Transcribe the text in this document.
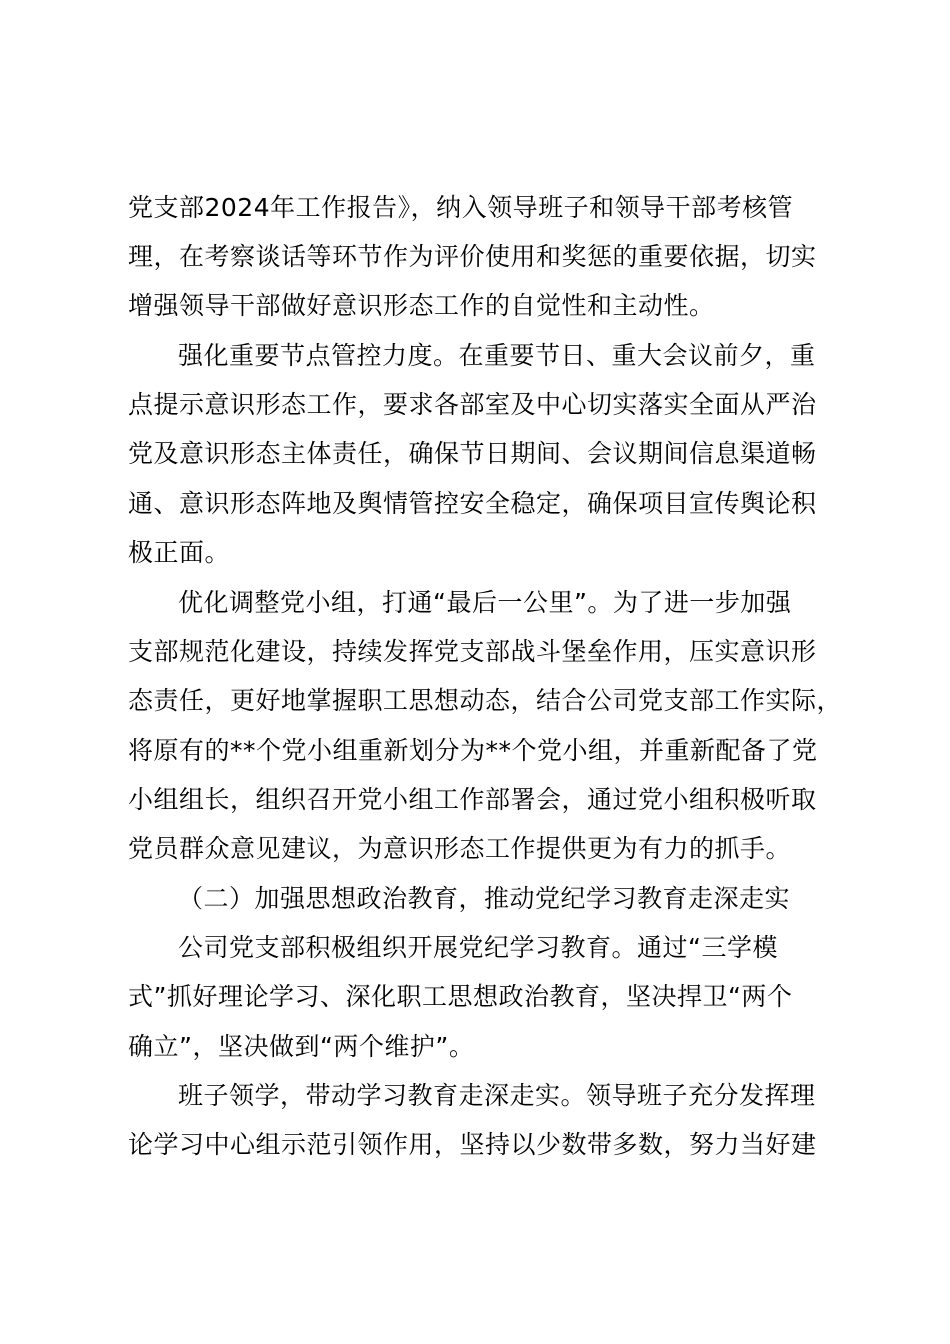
党支部2024年工作报告》，纳入领导班子和领导干部考核管
理，在考察谈话等环节作为评价使用和奖惩的重要依据，切实
增强领导干部做好意识形态工作的自觉性和主动性。
强化重要节点管控力度。在重要节日、重大会议前夕，重
点提示意识形态工作，要求各部室及中心切实落实全面从严治
党及意识形态主体责任，确保节日期间、会议期间信息渠道畅
通、意识形态阵地及舆情管控安全稳定，确保项目宣传舆论积
极正面。
优化调整党小组，打通“最后一公里”。为了进一步加强
支部规范化建设，持续发挥党支部战斗堡垒作用，压实意识形
态责任，更好地掌握职工思想动态，结合公司党支部工作实际，
将原有的**个党小组重新划分为**个党小组，并重新配备了党
小组组长，组织召开党小组工作部署会，通过党小组积极听取
党员群众意见建议，为意识形态工作提供更为有力的抓手。
（二）加强思想政治教育，推动党纪学习教育走深走实
公司党支部积极组织开展党纪学习教育。通过“三学模
式”抓好理论学习、深化职工思想政治教育，坚决捍卫“两个
确立”，坚决做到“两个维护”。
班子领学，带动学习教育走深走实。领导班子充分发挥理
论学习中心组示范引领作用，坚持以少数带多数，努力当好建
